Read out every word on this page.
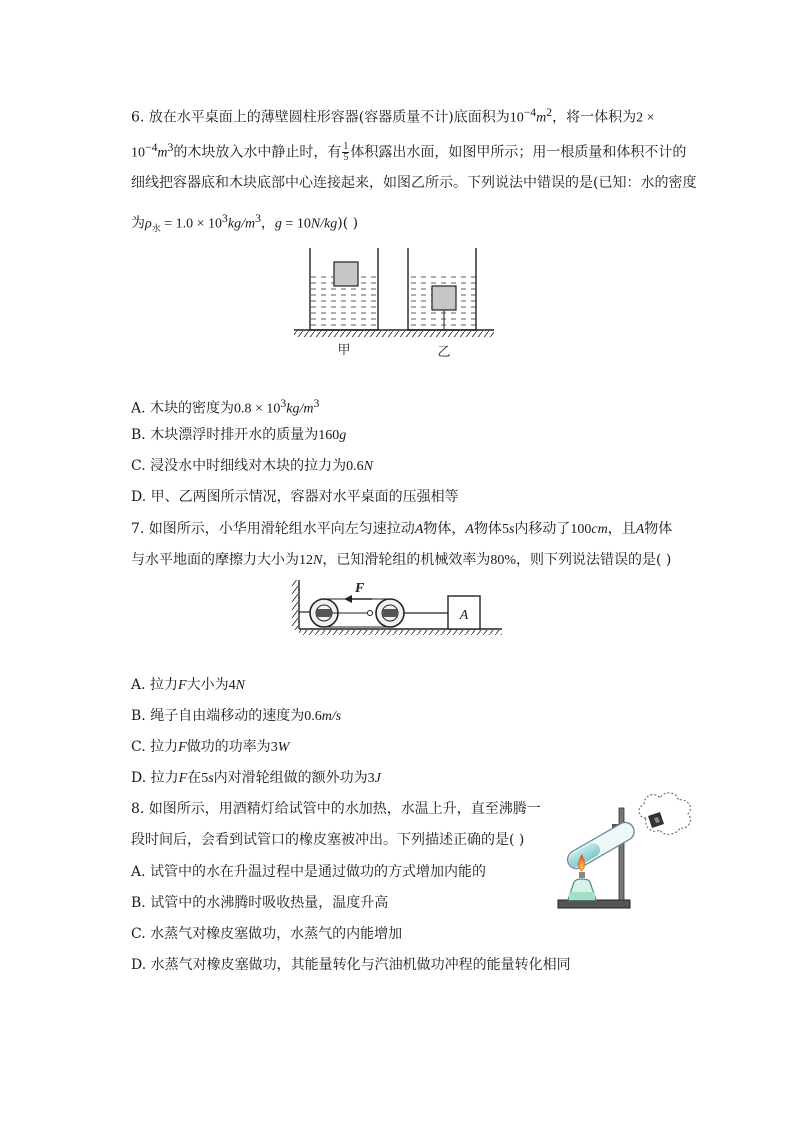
6. 放在水平桌面上的薄壁圆柱形容器(容器质量不计)底面积为$10^{-4}m^2$，将一体积为2 ×
$10^{-4}m^3$的木块放入水中静止时，有 $\frac{1}{5}$ 体积露出水面，如图甲所示；用一根质量和体积不计的
细线把容器底和木块底部中心连接起来，如图乙所示。下列说法中错误的是(已知：水的密度
为$\rho_水 = 1.0 \times 10^3kg/m^3$，g = 10N/kg)( )
甲	乙
A. 木块的密度为$0.8 \times 10^3kg/m^3$
B. 木块漂浮时排开水的质量为160g
C. 浸没水中时细线对木块的拉力为0.6N
D. 甲、乙两图所示情况，容器对水平桌面的压强相等
7. 如图所示，小华用滑轮组水平向左匀速拉动A物体，A物体5s内移动了100cm，且A物体
与水平地面的摩擦力大小为12N，已知滑轮组的机械效率为80%，则下列说法错误的是( )
F
A
A. 拉力F大小为4N
B. 绳子自由端移动的速度为0.6m/s
C. 拉力F做功的功率为3W
D. 拉力F在5s内对滑轮组做的额外功为3J
8. 如图所示，用酒精灯给试管中的水加热，水温上升，直至沸腾一
段时间后，会看到试管口的橡皮塞被冲出。下列描述正确的是( )
A. 试管中的水在升温过程中是通过做功的方式增加内能的
B. 试管中的水沸腾时吸收热量，温度升高
C. 水蒸气对橡皮塞做功，水蒸气的内能增加
D. 水蒸气对橡皮塞做功，其能量转化与汽油机做功冲程的能量转化相同
